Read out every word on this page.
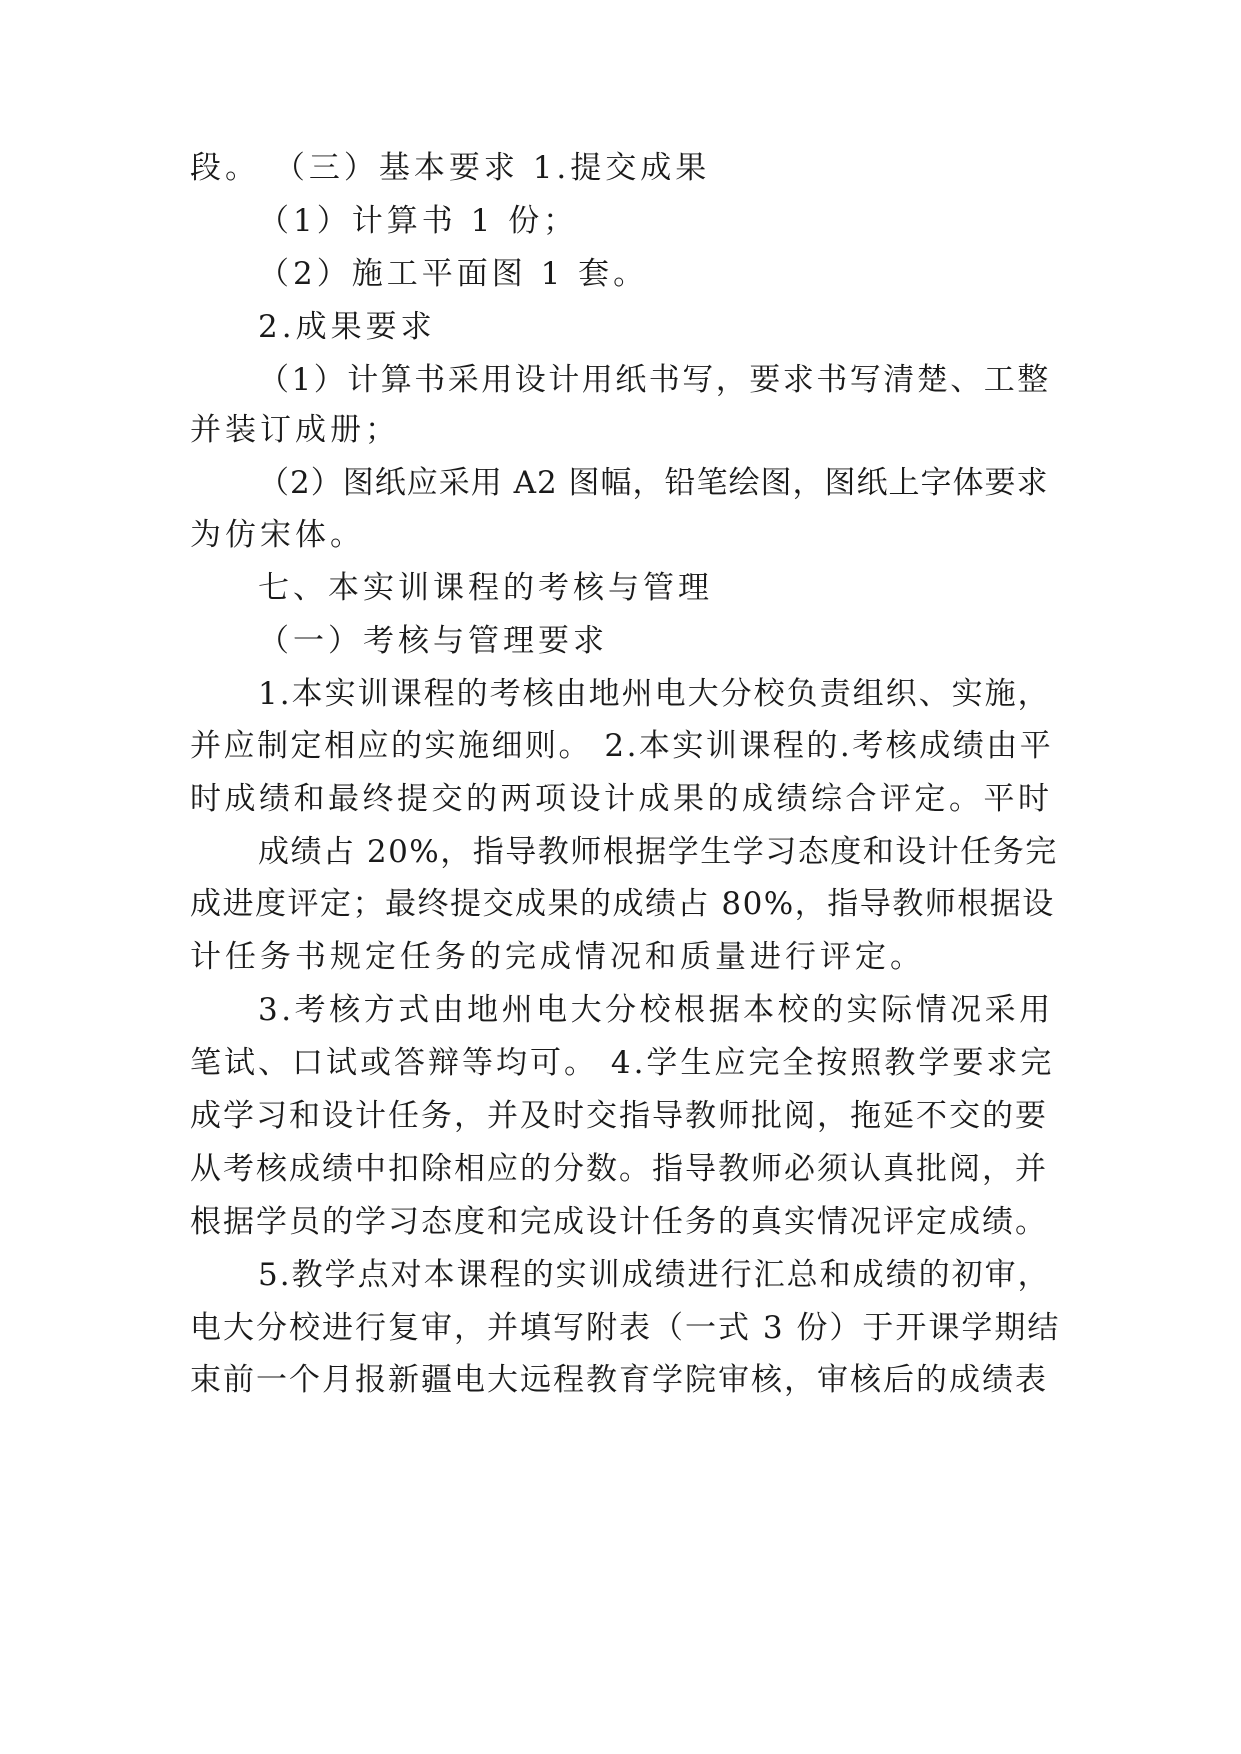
段。 （三）基本要求 1.提交成果
（1）计算书 1 份；
（2）施工平面图 1 套。
2.成果要求
（1）计算书采用设计用纸书写，要求书写清楚、工整
并装订成册；
（2）图纸应采用 A2 图幅，铅笔绘图，图纸上字体要求
为仿宋体。
七、本实训课程的考核与管理
（一）考核与管理要求
1.本实训课程的考核由地州电大分校负责组织、实施，
并应制定相应的实施细则。 2.本实训课程的.考核成绩由平
时成绩和最终提交的两项设计成果的成绩综合评定。平时
成绩占 20%，指导教师根据学生学习态度和设计任务完
成进度评定；最终提交成果的成绩占 80%，指导教师根据设
计任务书规定任务的完成情况和质量进行评定。
3.考核方式由地州电大分校根据本校的实际情况采用
笔试、口试或答辩等均可。 4.学生应完全按照教学要求完
成学习和设计任务，并及时交指导教师批阅，拖延不交的要
从考核成绩中扣除相应的分数。指导教师必须认真批阅，并
根据学员的学习态度和完成设计任务的真实情况评定成绩。
5.教学点对本课程的实训成绩进行汇总和成绩的初审，
电大分校进行复审，并填写附表（一式 3 份）于开课学期结
束前一个月报新疆电大远程教育学院审核，审核后的成绩表
